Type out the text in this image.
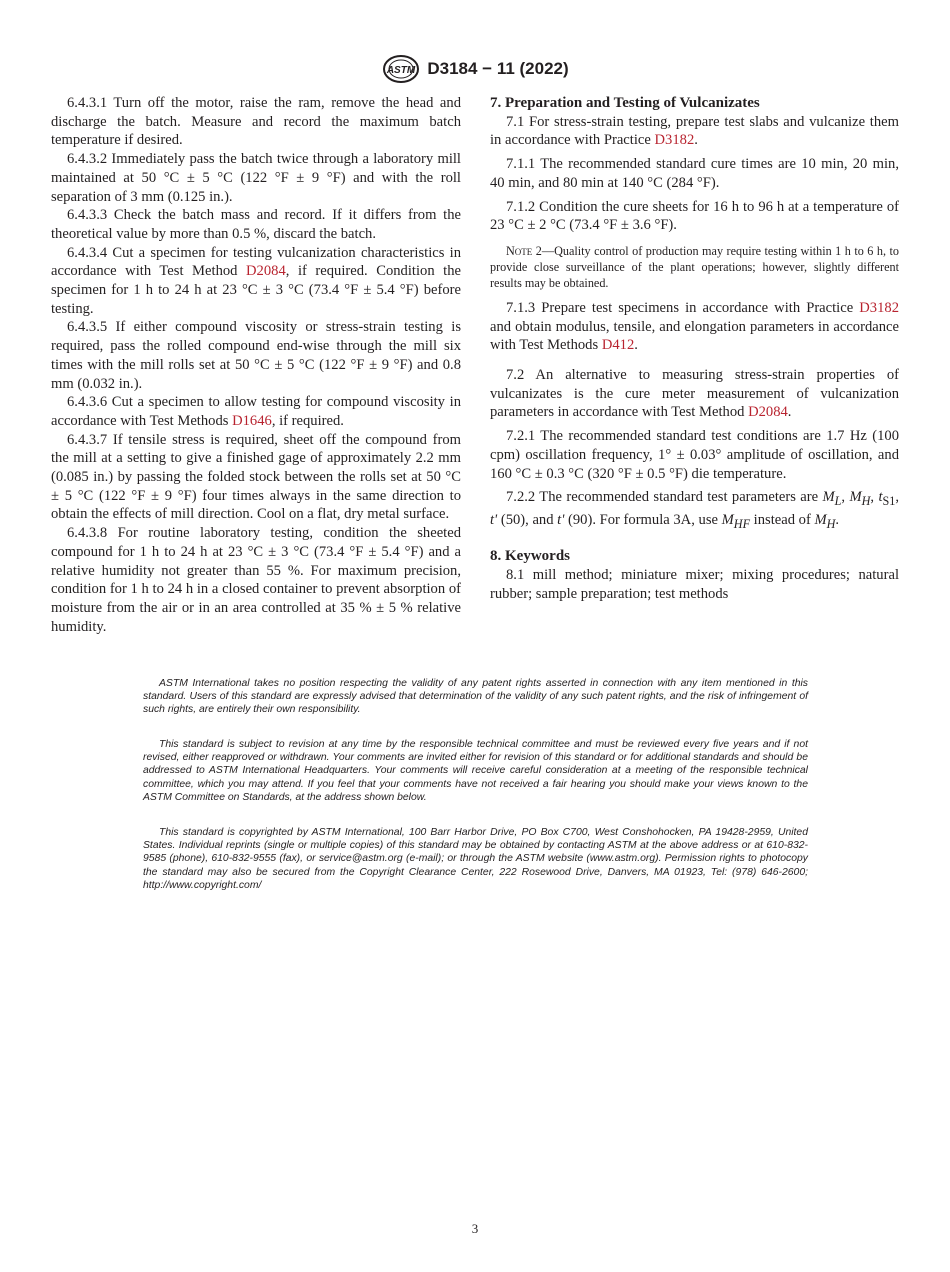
ASTM D3184 − 11 (2022)

6.4.3.1 Turn off the motor, raise the ram, remove the head and discharge the batch. Measure and record the maximum batch temperature if desired.

6.4.3.2 Immediately pass the batch twice through a laboratory mill maintained at 50 °C ± 5 °C (122 °F ± 9 °F) and with the roll separation of 3 mm (0.125 in.).

6.4.3.3 Check the batch mass and record. If it differs from the theoretical value by more than 0.5 %, discard the batch.

6.4.3.4 Cut a specimen for testing vulcanization characteristics in accordance with Test Method D2084, if required. Condition the specimen for 1 h to 24 h at 23 °C ± 3 °C (73.4 °F ± 5.4 °F) before testing.

6.4.3.5 If either compound viscosity or stress-strain testing is required, pass the rolled compound end-wise through the mill six times with the mill rolls set at 50 °C ± 5 °C (122 °F ± 9 °F) and 0.8 mm (0.032 in.).

6.4.3.6 Cut a specimen to allow testing for compound viscosity in accordance with Test Methods D1646, if required.

6.4.3.7 If tensile stress is required, sheet off the compound from the mill at a setting to give a finished gage of approximately 2.2 mm (0.085 in.) by passing the folded stock between the rolls set at 50 °C ± 5 °C (122 °F ± 9 °F) four times always in the same direction to obtain the effects of mill direction. Cool on a flat, dry metal surface.

6.4.3.8 For routine laboratory testing, condition the sheeted compound for 1 h to 24 h at 23 °C ± 3 °C (73.4 °F ± 5.4 °F) and a relative humidity not greater than 55 %. For maximum precision, condition for 1 h to 24 h in a closed container to prevent absorption of moisture from the air or in an area controlled at 35 % ± 5 % relative humidity.

7. Preparation and Testing of Vulcanizates

7.1 For stress-strain testing, prepare test slabs and vulcanize them in accordance with Practice D3182.

7.1.1 The recommended standard cure times are 10 min, 20 min, 40 min, and 80 min at 140 °C (284 °F).

7.1.2 Condition the cure sheets for 16 h to 96 h at a temperature of 23 °C ± 2 °C (73.4 °F ± 3.6 °F).

Note 2—Quality control of production may require testing within 1 h to 6 h, to provide close surveillance of the plant operations; however, slightly different results may be obtained.

7.1.3 Prepare test specimens in accordance with Practice D3182 and obtain modulus, tensile, and elongation parameters in accordance with Test Methods D412.

7.2 An alternative to measuring stress-strain properties of vulcanizates is the cure meter measurement of vulcanization parameters in accordance with Test Method D2084.

7.2.1 The recommended standard test conditions are 1.7 Hz (100 cpm) oscillation frequency, 1° ± 0.03° amplitude of oscillation, and 160 °C ± 0.3 °C (320 °F ± 0.5 °F) die temperature.

7.2.2 The recommended standard test parameters are $M_L$, $M_H$, $t_{S1}$, t' (50), and t' (90). For formula 3A, use $M_{HF}$ instead of $M_H$.

8. Keywords

8.1 mill method; miniature mixer; mixing procedures; natural rubber; sample preparation; test methods

ASTM International takes no position respecting the validity of any patent rights asserted in connection with any item mentioned in this standard. Users of this standard are expressly advised that determination of the validity of any such patent rights, and the risk of infringement of such rights, are entirely their own responsibility.

This standard is subject to revision at any time by the responsible technical committee and must be reviewed every five years and if not revised, either reapproved or withdrawn. Your comments are invited either for revision of this standard or for additional standards and should be addressed to ASTM International Headquarters. Your comments will receive careful consideration at a meeting of the responsible technical committee, which you may attend. If you feel that your comments have not received a fair hearing you should make your views known to the ASTM Committee on Standards, at the address shown below.

This standard is copyrighted by ASTM International, 100 Barr Harbor Drive, PO Box C700, West Conshohocken, PA 19428-2959, United States. Individual reprints (single or multiple copies) of this standard may be obtained by contacting ASTM at the above address or at 610-832-9585 (phone), 610-832-9555 (fax), or service@astm.org (e-mail); or through the ASTM website (www.astm.org). Permission rights to photocopy the standard may also be secured from the Copyright Clearance Center, 222 Rosewood Drive, Danvers, MA 01923, Tel: (978) 646-2600; http://www.copyright.com/

3
